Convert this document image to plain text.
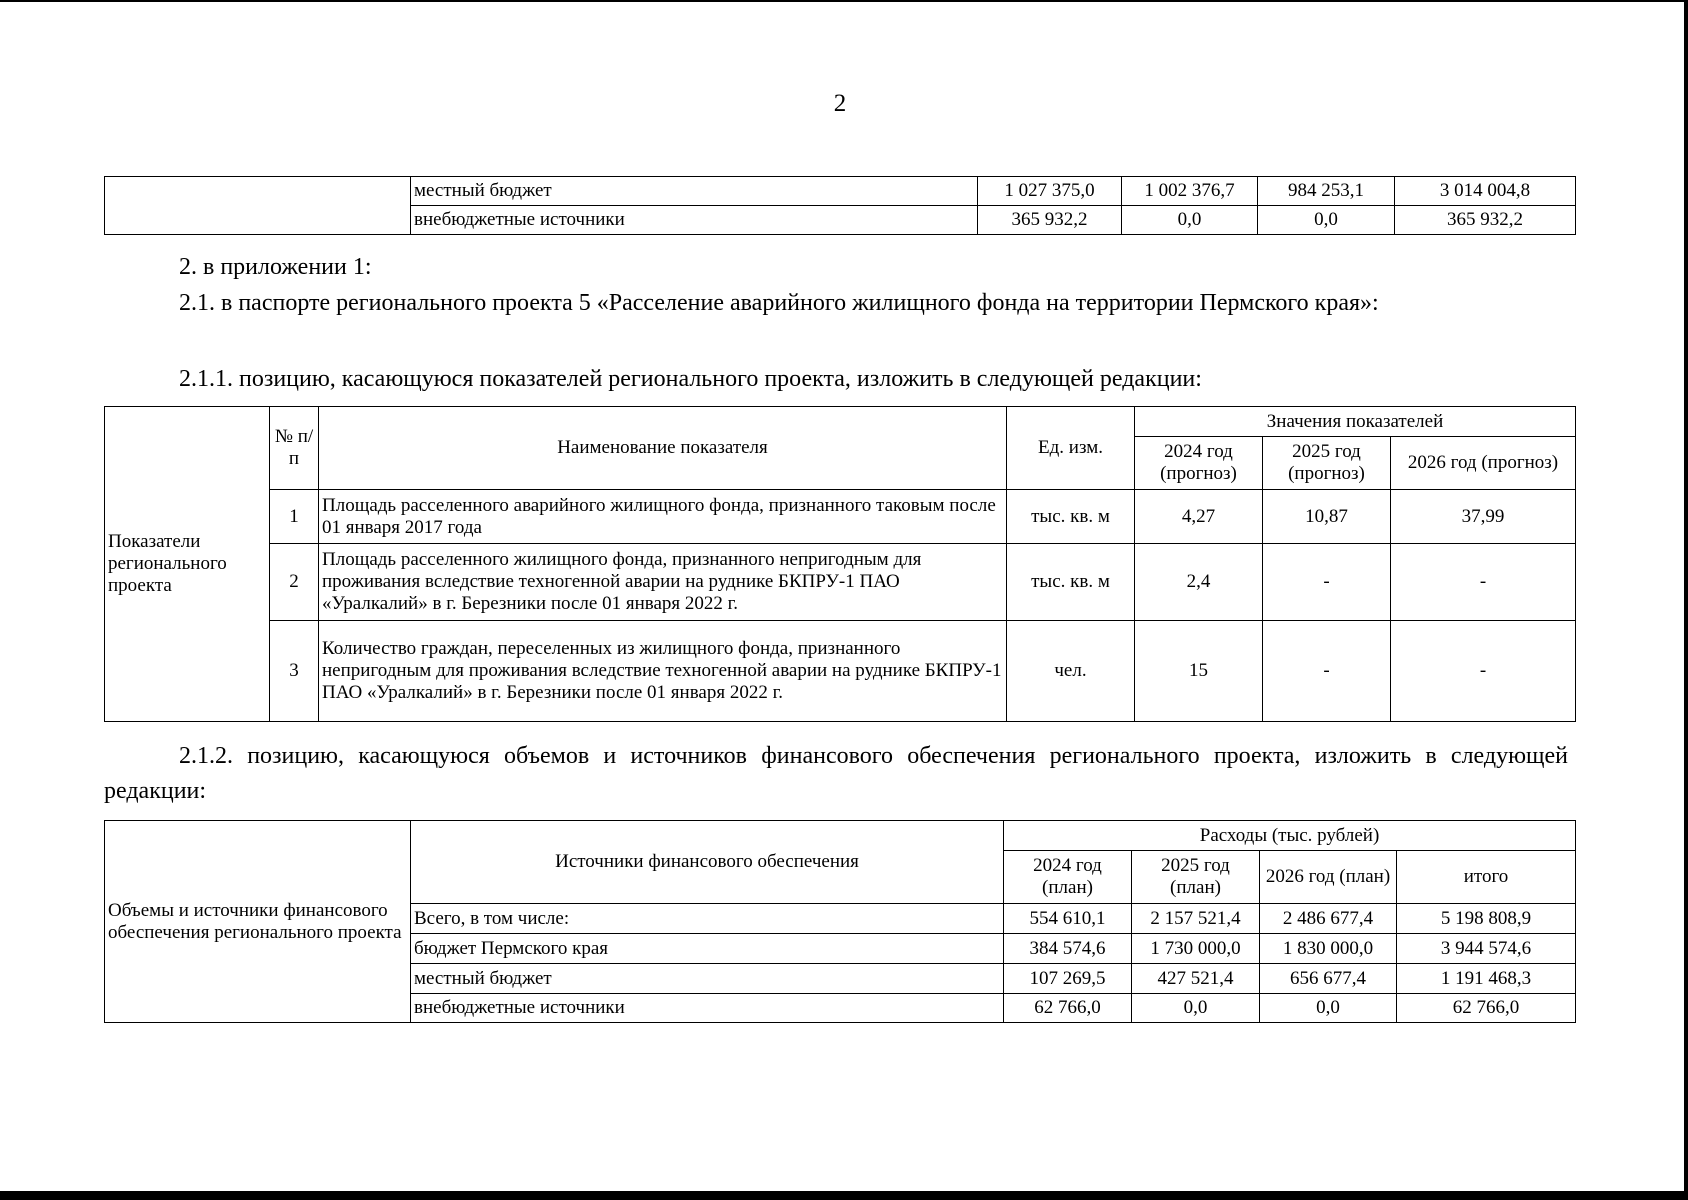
2
	местный бюджет	1 027 375,0	1 002 376,7	984 253,1	3 014 004,8
	внебюджетные источники	365 932,2	0,0	0,0	365 932,2
2. в приложении 1:
2.1. в паспорте регионального проекта 5 «Расселение аварийного жилищного фонда на территории Пермского края»:
2.1.1. позицию, касающуюся показателей регионального проекта, изложить в следующей редакции:
Показатели регионального проекта	№ п/п	Наименование показателя	Ед. изм.	Значения показателей		
				2024 год (прогноз)	2025 год (прогноз)	2026 год (прогноз)
	1	Площадь расселенного аварийного жилищного фонда, признанного таковым после 01 января 2017 года	тыс. кв. м	4,27	10,87	37,99
	2	Площадь расселенного жилищного фонда, признанного непригодным для проживания вследствие техногенной аварии на руднике БКПРУ-1 ПАО «Уралкалий» в г. Березники после 01 января 2022 г.	тыс. кв. м	2,4	-	-
	3	Количество граждан, переселенных из жилищного фонда, признанного непригодным для проживания вследствие техногенной аварии на руднике БКПРУ-1 ПАО «Уралкалий» в г. Березники после 01 января 2022 г.	чел.	15	-	-
2.1.2. позицию, касающуюся объемов и источников финансового обеспечения регионального проекта, изложить в следующей редакции:
Объемы и источники финансового обеспечения регионального проекта	Источники финансового обеспечения	Расходы (тыс. рублей)			
		2024 год (план)	2025 год (план)	2026 год (план)	итого
	Всего, в том числе:	554 610,1	2 157 521,4	2 486 677,4	5 198 808,9
	бюджет Пермского края	384 574,6	1 730 000,0	1 830 000,0	3 944 574,6
	местный бюджет	107 269,5	427 521,4	656 677,4	1 191 468,3
	внебюджетные источники	62 766,0	0,0	0,0	62 766,0
